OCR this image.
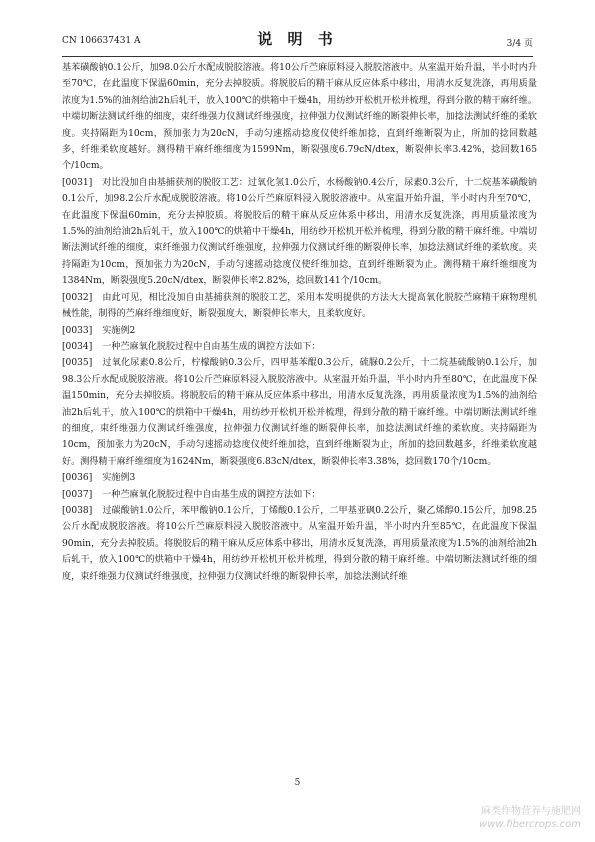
CN 106637431 A	说 明 书	3/4 页

基苯磺酸钠0.1公斤，加98.0公斤水配成脱胶溶液。将10公斤苎麻原料浸入脱胶溶液中。从室温开始升温，半小时内升至70℃，在此温度下保温60min，充分去掉胶质。将脱胶后的精干麻从反应体系中移出，用清水反复洗涤，再用质量浓度为1.5%的油剂给油2h后轧干，放入100℃的烘箱中干燥4h，用纺纱开松机开松并梳理，得到分散的精干麻纤维。中端切断法测试纤维的细度，束纤维强力仪测试纤维强度，拉伸强力仪测试纤维的断裂伸长率，加捻法测试纤维的柔软度。夹持隔距为10cm，预加张力为20cN，手动匀速摇动捻度仪使纤维加捻，直到纤维断裂为止，所加的捻回数越多，纤维柔软度越好。测得精干麻纤维细度为1599Nm，断裂强度6.79cN/dtex，断裂伸长率3.42%，捻回数165个/10cm。

[0031] 对比没加自由基捕获剂的脱胶工艺：过氧化氢1.0公斤，水杨酸钠0.4公斤，尿素0.3公斤，十二烷基苯磺酸钠0.1公斤，加98.2公斤水配成脱胶溶液。将10公斤苎麻原料浸入脱胶溶液中。从室温开始升温，半小时内升至70℃，在此温度下保温60min，充分去掉胶质。将脱胶后的精干麻从反应体系中移出，用清水反复洗涤，再用质量浓度为1.5%的油剂给油2h后轧干，放入100℃的烘箱中干燥4h，用纺纱开松机开松并梳理，得到分散的精干麻纤维。中端切断法测试纤维的细度，束纤维强力仪测试纤维强度，拉伸强力仪测试纤维的断裂伸长率，加捻法测试纤维的柔软度。夹持隔距为10cm，预加张力为20cN，手动匀速摇动捻度仪使纤维加捻，直到纤维断裂为止。测得精干麻纤维细度为1384Nm，断裂强度5.20cN/dtex，断裂伸长率2.82%，捻回数141个/10cm。

[0032] 由此可见，相比没加自由基捕获剂的脱胶工艺，采用本发明提供的方法大大提高氧化脱胶苎麻精干麻物理机械性能，制得的苎麻纤维细度好，断裂强度大，断裂伸长率大，且柔软度好。

[0033] 实施例2

[0034] 一种苎麻氧化脱胶过程中自由基生成的调控方法如下：

[0035] 过氧化尿素0.8公斤，柠檬酸钠0.3公斤，四甲基苯醌0.3公斤，硫脲0.2公斤，十二烷基硫酸钠0.1公斤，加98.3公斤水配成脱胶溶液。将10公斤苎麻原料浸入脱胶溶液中。从室温开始升温，半小时内升至80℃，在此温度下保温150min，充分去掉胶质。将脱胶后的精干麻从反应体系中移出，用清水反复洗涤，再用质量浓度为1.5%的油剂给油2h后轧干，放入100℃的烘箱中干燥4h，用纺纱开松机开松并梳理，得到分散的精干麻纤维。中端切断法测试纤维的细度，束纤维强力仪测试纤维强度，拉伸强力仪测试纤维的断裂伸长率，加捻法测试纤维的柔软度。夹持隔距为10cm，预加张力为20cN，手动匀速摇动捻度仪使纤维加捻，直到纤维断裂为止，所加的捻回数越多，纤维柔软度越好。测得精干麻纤维细度为1624Nm，断裂强度6.83cN/dtex，断裂伸长率3.38%，捻回数170个/10cm。

[0036] 实施例3

[0037] 一种苎麻氧化脱胶过程中自由基生成的调控方法如下：

[0038] 过碳酸钠1.0公斤，苯甲酸钠0.1公斤，丁烯酸0.1公斤，二甲基亚砜0.2公斤，聚乙烯醇0.15公斤，加98.25公斤水配成脱胶溶液。将10公斤苎麻原料浸入脱胶溶液中。从室温开始升温，半小时内升至85℃，在此温度下保温90min，充分去掉胶质。将脱胶后的精干麻从反应体系中移出，用清水反复洗涤，再用质量浓度为1.5%的油剂给油2h后轧干，放入100℃的烘箱中干燥4h，用纺纱开松机开松并梳理，得到分散的精干麻纤维。中端切断法测试纤维的细度，束纤维强力仪测试纤维强度，拉伸强力仪测试纤维的断裂伸长率，加捻法测试纤维

5
麻类作物营养与施肥网
www.fibercrops.com
